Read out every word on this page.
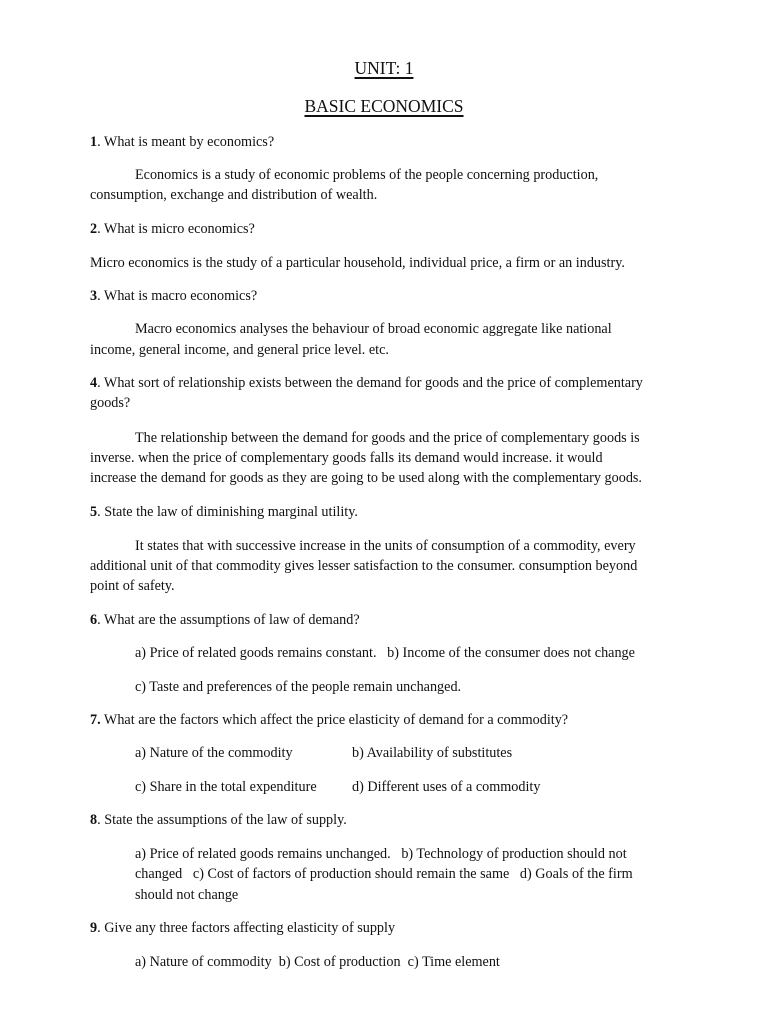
UNIT: 1
BASIC ECONOMICS
1. What is meant by economics?
Economics is a study of economic problems of the people concerning production,
consumption, exchange and distribution of wealth.
2. What is micro economics?
Micro economics is the study of a particular household, individual price, a firm or an industry.
3. What is macro economics?
Macro economics analyses the behaviour of broad economic aggregate like national
income, general income, and general price level. etc.
4. What sort of relationship exists between the demand for goods and the price of complementary
goods?
The relationship between the demand for goods and the price of complementary goods is
inverse. when the price of complementary goods falls its demand would increase. it would
increase the demand for goods as they are going to be used along with the complementary goods.
5. State the law of diminishing marginal utility.
It states that with successive increase in the units of consumption of a commodity, every
additional unit of that commodity gives lesser satisfaction to the consumer. consumption beyond
point of safety.
6. What are the assumptions of law of demand?
a) Price of related goods remains constant.   b) Income of the consumer does not change
c) Taste and preferences of the people remain unchanged.
7. What are the factors which affect the price elasticity of demand for a commodity?
a) Nature of the commodity	b) Availability of substitutes
c) Share in the total expenditure d) Different uses of a commodity
8. State the assumptions of the law of supply.
a) Price of related goods remains unchanged.   b) Technology of production should not
changed   c) Cost of factors of production should remain the same   d) Goals of the firm
should not change
9. Give any three factors affecting elasticity of supply
a) Nature of commodity  b) Cost of production  c) Time element
